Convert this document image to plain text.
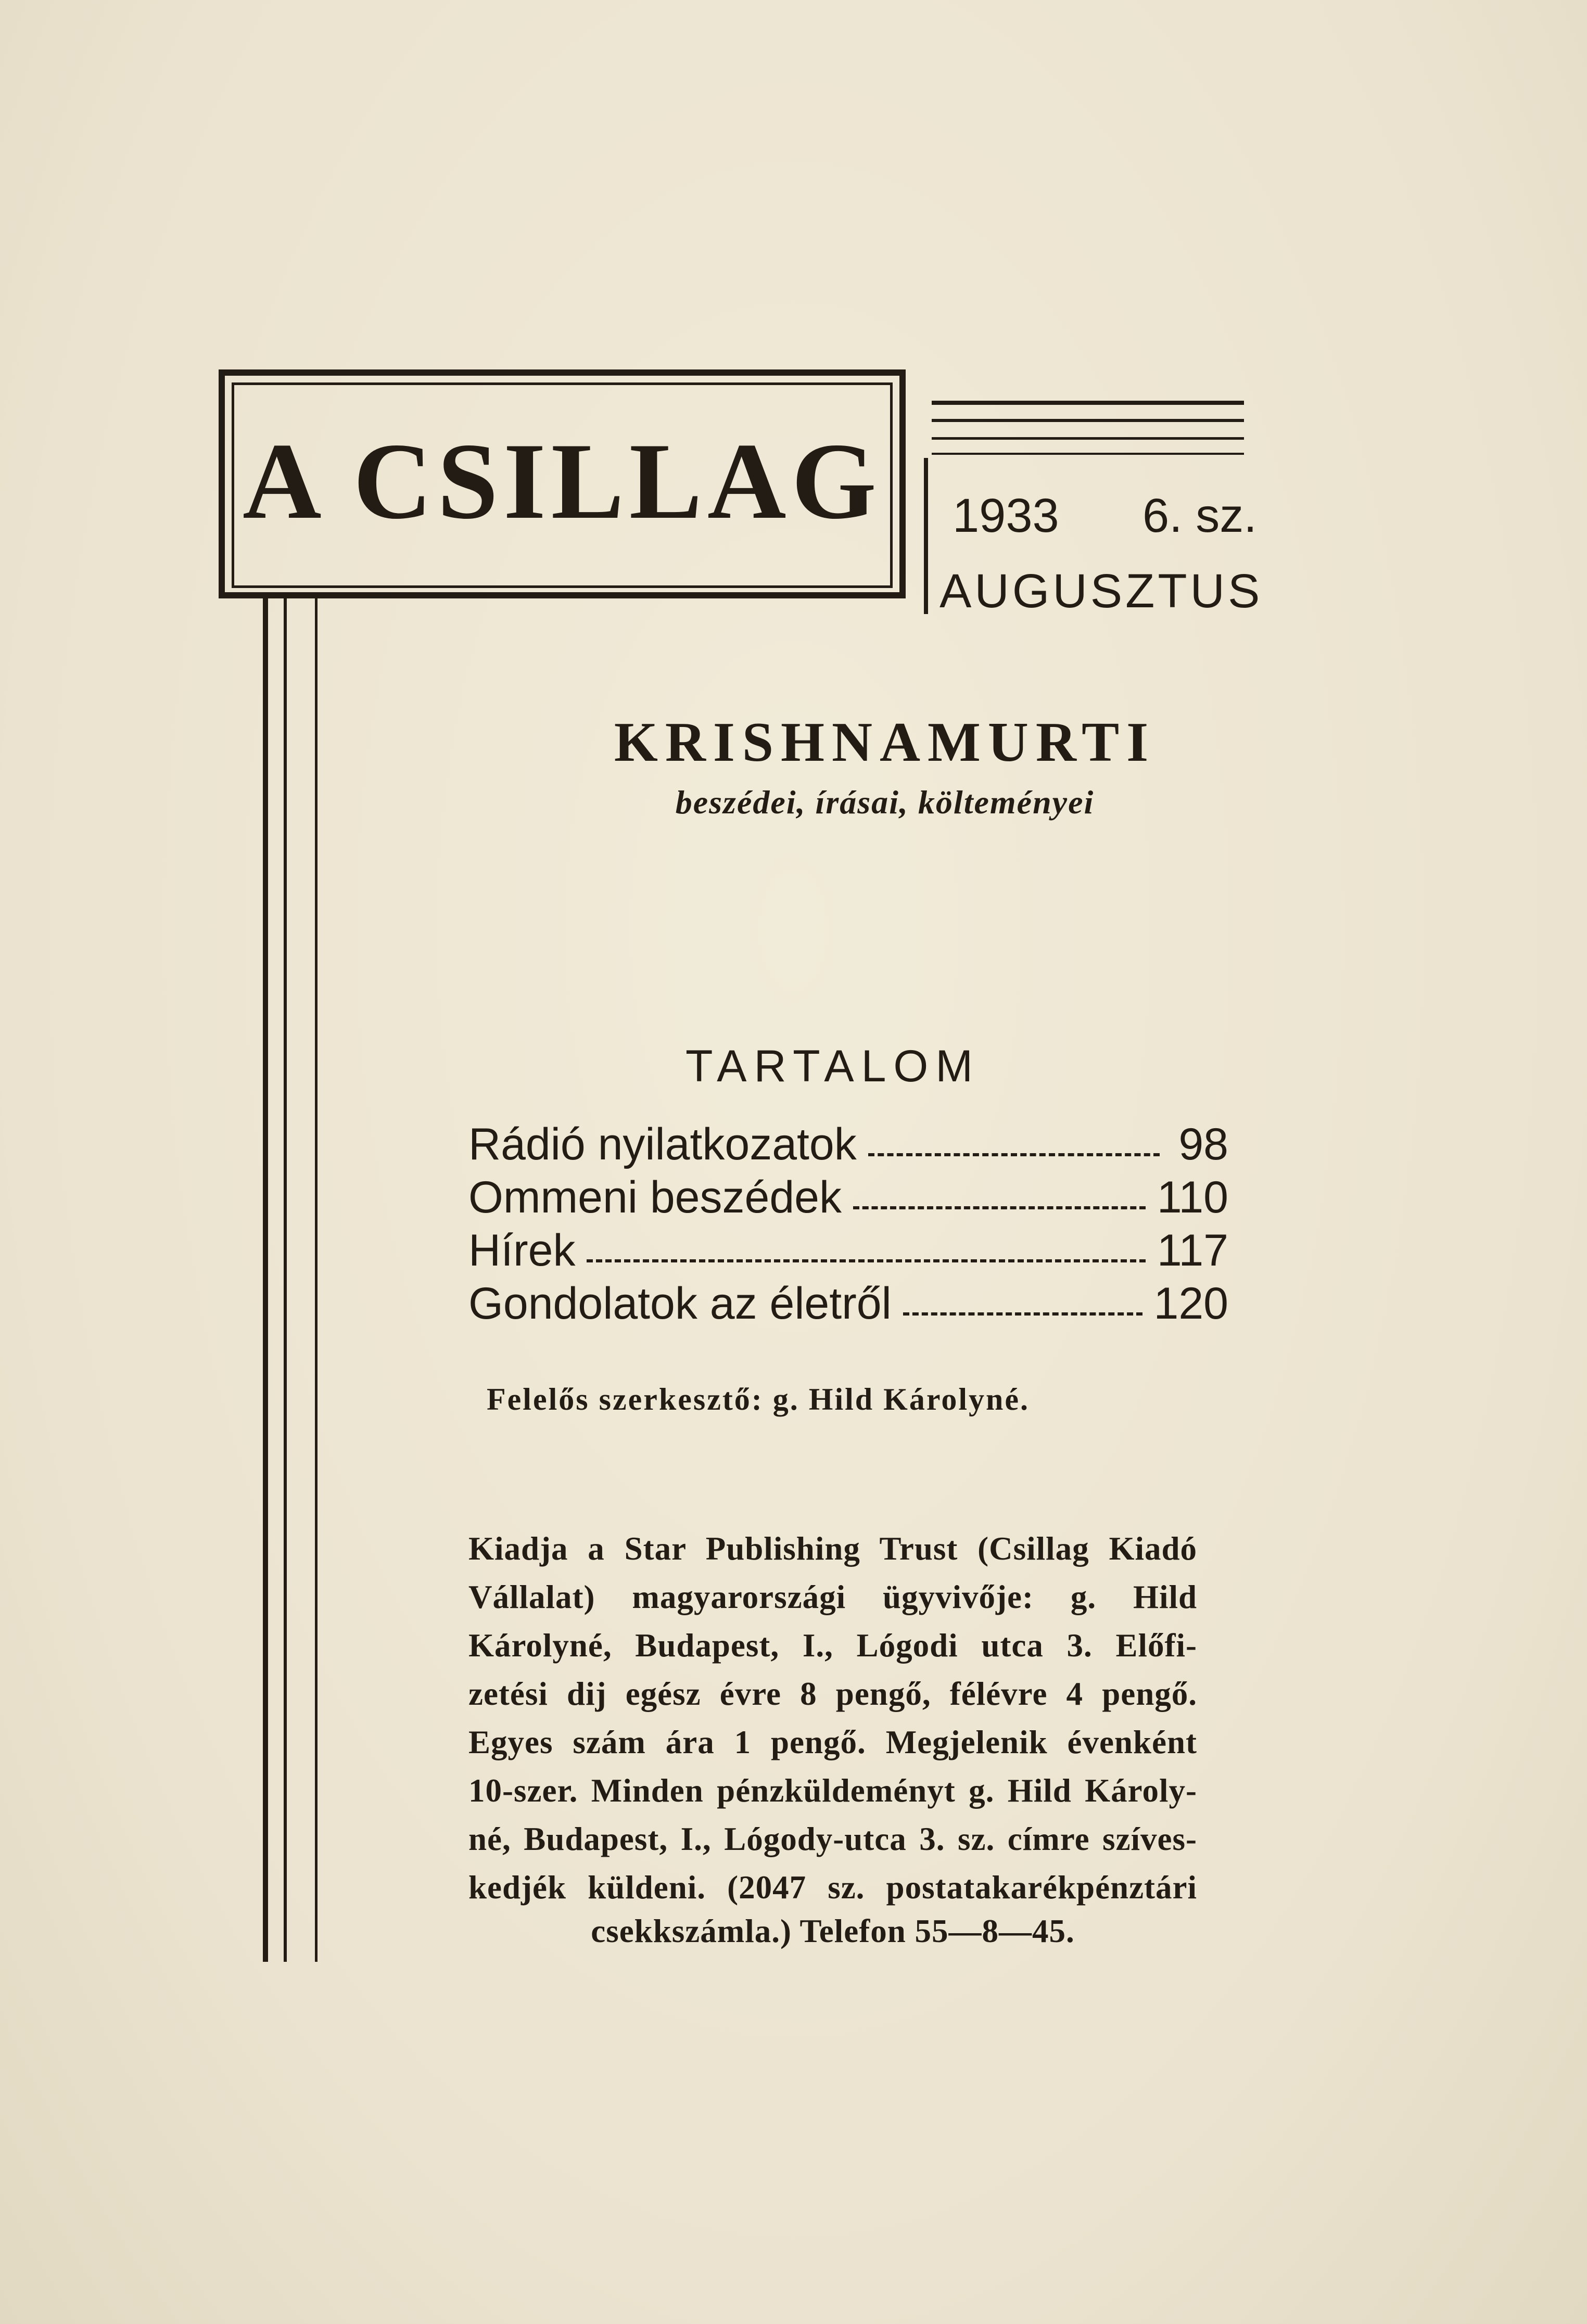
A CSILLAG	1933 6. sz.
AUGUSZTUS
KRISHNAMURTI
beszédei, írásai, költeményei
TARTALOM
Rádió nyilatkozatok	98
Ommeni beszédek	110
Hírek	117
Gondolatok az életről	120
Felelős szerkesztő: g. Hild Károlyné.
Kiadja a Star Publishing Trust (Csillag Kiadó
Vállalat) magyarországi ügyvivője: g. Hild
Károlyné, Budapest, I., Lógodi utca 3. Előfi-
zetési dij egész évre 8 pengő, félévre 4 pengő.
Egyes szám ára 1 pengő. Megjelenik évenként
10-szer. Minden pénzküldeményt g. Hild Károly-
né, Budapest, I., Lógody-utca 3. sz. címre szíves-
kedjék küldeni. (2047 sz. postatakarékpénztári
csekkszámla.) Telefon 55—8—45.
